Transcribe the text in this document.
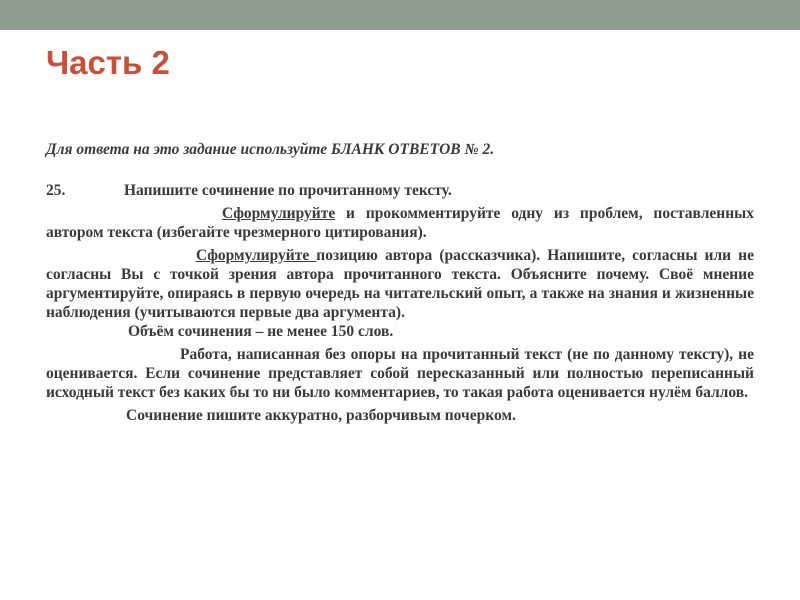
Часть 2

Для ответа на это задание используйте БЛАНК ОТВЕТОВ № 2.

25.	Напишите сочинение по прочитанному тексту.

Сформулируйте и прокомментируйте одну из проблем, поставленных автором текста (избегайте чрезмерного цитирования).

Сформулируйте позицию автора (рассказчика). Напишите, согласны или не согласны Вы с точкой зрения автора прочитанного текста. Объясните почему. Своё мнение аргументируйте, опираясь в первую очередь на читательский опыт, а также на знания и жизненные наблюдения (учитываются первые два аргумента).

Объём сочинения – не менее 150 слов.

Работа, написанная без опоры на прочитанный текст (не по данному тексту), не оценивается. Если сочинение представляет собой пересказанный или полностью переписанный исходный текст без каких бы то ни было комментариев, то такая работа оценивается нулём баллов.

Сочинение пишите аккуратно, разборчивым почерком.
